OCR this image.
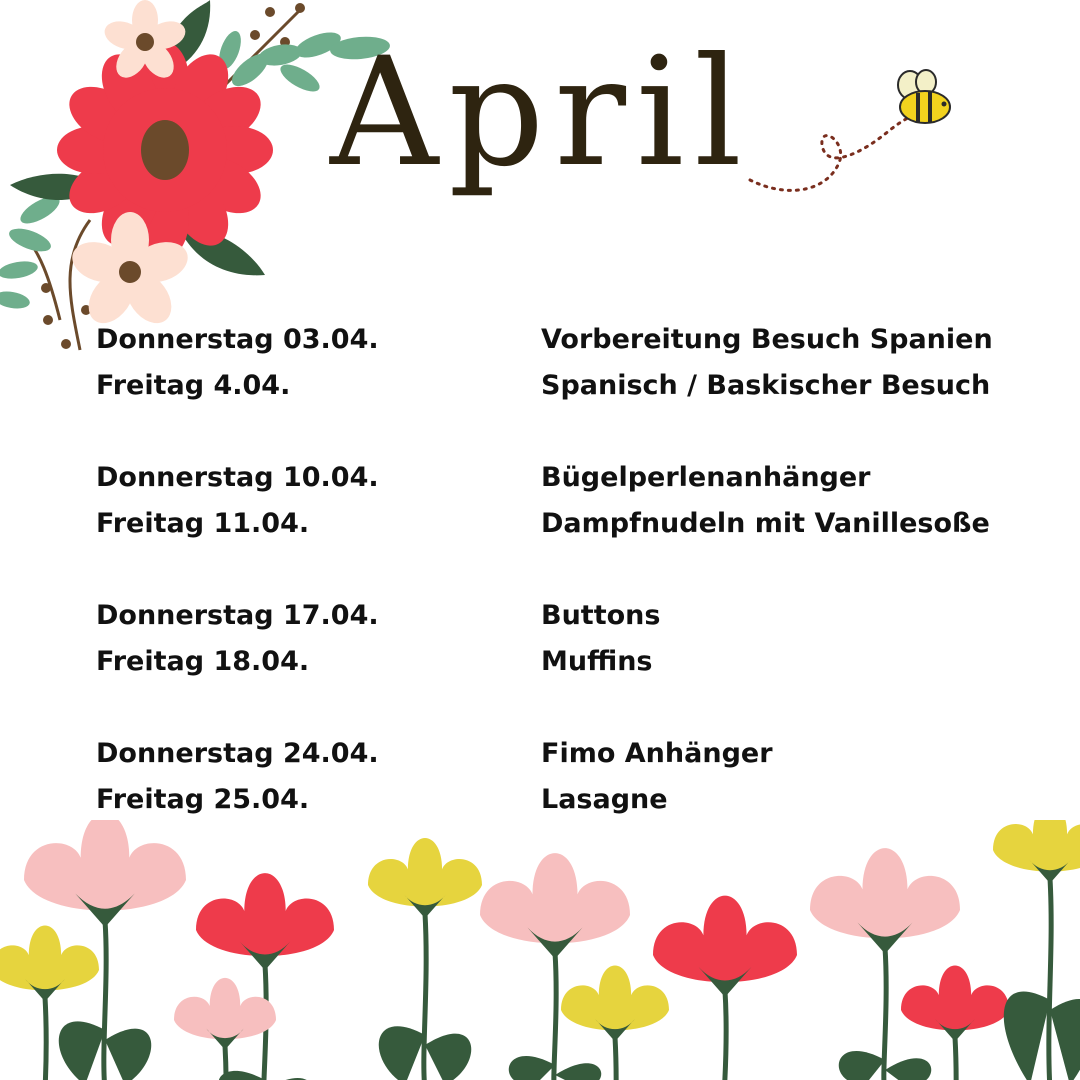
April
Donnerstag 03.04.	Vorbereitung Besuch Spanien
Freitag 4.04.	Spanisch / Baskischer Besuch
Donnerstag 10.04.	Bügelperlenanhänger
Freitag 11.04.	Dampfnudeln mit Vanillesoße
Donnerstag 17.04.	Buttons
Freitag 18.04.	Muffins
Donnerstag 24.04.	Fimo Anhänger
Freitag 25.04.	Lasagne
